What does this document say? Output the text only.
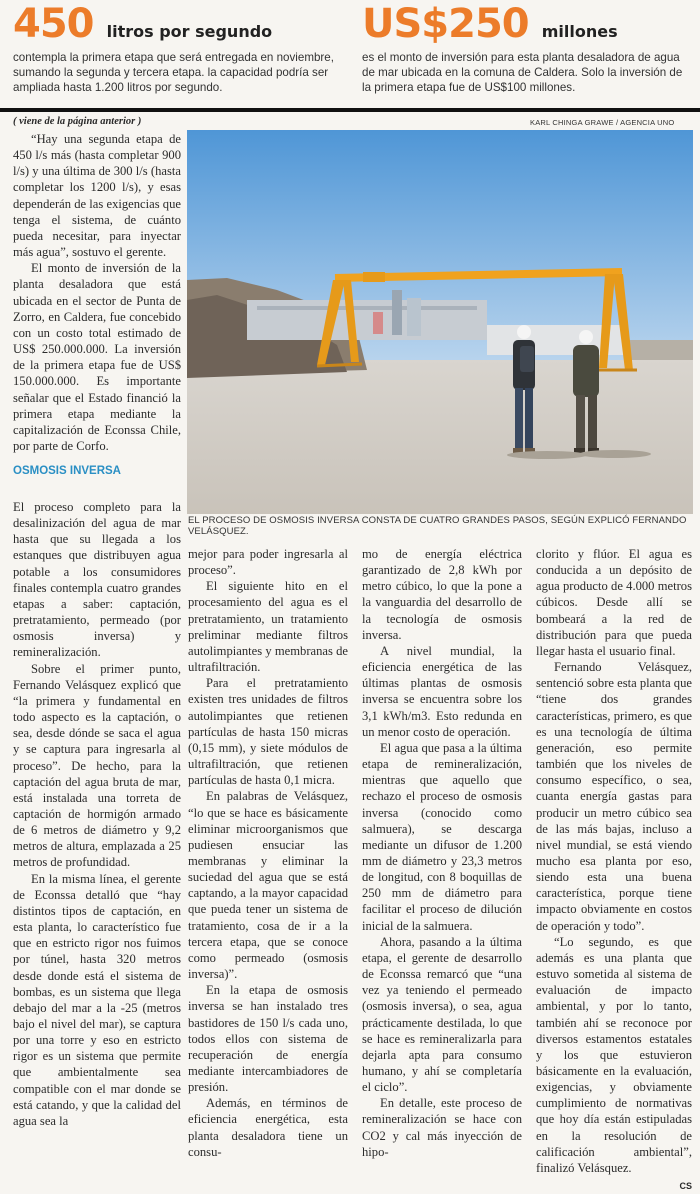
450 litros por segundo
contempla la primera etapa que será entregada en noviembre, sumando la segunda y tercera etapa. la capacidad podría ser ampliada hasta 1.200 litros por segundo.
US$250 millones
es el monto de inversión para esta planta desaladora de agua de mar ubicada en la comuna de Caldera. Solo la inversión de la primera etapa fue de US$100 millones.
( viene de la página anterior )	KARL CHINGA GRAWE / AGENCIA UNO
EL PROCESO DE OSMOSIS INVERSA CONSTA DE CUATRO GRANDES PASOS, SEGÚN EXPLICÓ FERNANDO VELÁSQUEZ.

“Hay una segunda etapa de 450 l/s más (hasta completar 900 l/s) y una última de 300 l/s (hasta completar los 1200 l/s), y esas dependerán de las exigencias que tenga el sistema, de cuánto pueda necesitar, para inyectar más agua”, sostuvo el gerente.

El monto de inversión de la planta desaladora que está ubicada en el sector de Punta de Zorro, en Caldera, fue concebido con un costo total estimado de US$ 250.000.000. La inversión de la primera etapa fue de US$ 150.000.000. Es importante señalar que el Estado financió la primera etapa mediante la capitalización de Econssa Chile, por parte de Corfo.

OSMOSIS INVERSA

El proceso completo para la desalinización del agua de mar hasta que su llegada a los estanques que distribuyen agua potable a los consumidores finales contempla cuatro grandes etapas a saber: captación, pretratamiento, permeado (por osmosis inversa) y remineralización.

Sobre el primer punto, Fernando Velásquez explicó que “la primera y fundamental en todo aspecto es la captación, o sea, desde dónde se saca el agua y se captura para ingresarla al proceso”. De hecho, para la captación del agua bruta de mar, está instalada una torreta de captación de hormigón armado de 6 metros de diámetro y 9,2 metros de altura, emplazada a 25 metros de profundidad.

En la misma línea, el gerente de Econssa detalló que “hay distintos tipos de captación, en esta planta, lo característico fue que en estricto rigor nos fuimos por túnel, hasta 320 metros desde donde está el sistema de bombas, es un sistema que llega debajo del mar a la -25 (metros bajo el nivel del mar), se captura por una torre y eso en estricto rigor es un sistema que permite que ambientalmente sea compatible con el mar donde se está catando, y que la calidad del agua sea la

mejor para poder ingresarla al proceso”.

El siguiente hito en el procesamiento del agua es el pretratamiento, un tratamiento preliminar mediante filtros autolimpiantes y membranas de ultrafiltración.

Para el pretratamiento existen tres unidades de filtros autolimpiantes que retienen partículas de hasta 150 micras (0,15 mm), y siete módulos de ultrafiltración, que retienen partículas de hasta 0,1 micra.

En palabras de Velásquez, “lo que se hace es básicamente eliminar microorganismos que pudiesen ensuciar las membranas y eliminar la suciedad del agua que se está captando, a la mayor capacidad que pueda tener un sistema de tratamiento, cosa de ir a la tercera etapa, que se conoce como permeado (osmosis inversa)”.

En la etapa de osmosis inversa se han instalado tres bastidores de 150 l/s cada uno, todos ellos con sistema de recuperación de energía mediante intercambiadores de presión.

Además, en términos de eficiencia energética, esta planta desaladora tiene un consu-

mo de energía eléctrica garantizado de 2,8 kWh por metro cúbico, lo que la pone a la vanguardia del desarrollo de la tecnología de osmosis inversa.

A nivel mundial, la eficiencia energética de las últimas plantas de osmosis inversa se encuentra sobre los 3,1 kWh/m3. Esto redunda en un menor costo de operación.

El agua que pasa a la última etapa de remineralización, mientras que aquello que rechazo el proceso de osmosis inversa (conocido como salmuera), se descarga mediante un difusor de 1.200 mm de diámetro y 23,3 metros de longitud, con 8 boquillas de 250 mm de diámetro para facilitar el proceso de dilución inicial de la salmuera.

Ahora, pasando a la última etapa, el gerente de desarrollo de Econssa remarcó que “una vez ya teniendo el permeado (osmosis inversa), o sea, agua prácticamente destilada, lo que se hace es remineralizarla para dejarla apta para consumo humano, y ahí se completaría el ciclo”.

En detalle, este proceso de remineralización se hace con CO2 y cal más inyección de hipo-

clorito y flúor. El agua es conducida a un depósito de agua producto de 4.000 metros cúbicos. Desde allí se bombeará a la red de distribución para que pueda llegar hasta el usuario final.

Fernando Velásquez, sentenció sobre esta planta que “tiene dos grandes características, primero, es que es una tecnología de última generación, eso permite también que los niveles de consumo específico, o sea, cuanta energía gastas para producir un metro cúbico sea de las más bajas, incluso a nivel mundial, se está viendo mucho esa planta por eso, siendo esta una buena característica, porque tiene impacto obviamente en costos de operación y todo”.

“Lo segundo, es que además es una planta que estuvo sometida al sistema de evaluación de impacto ambiental, y por lo tanto, también ahí se reconoce por diversos estamentos estatales y los que estuvieron básicamente en la evaluación, exigencias, y obviamente cumplimiento de normativas que hoy día están estipuladas en la resolución de calificación ambiental”, finalizó Velásquez.

CS
